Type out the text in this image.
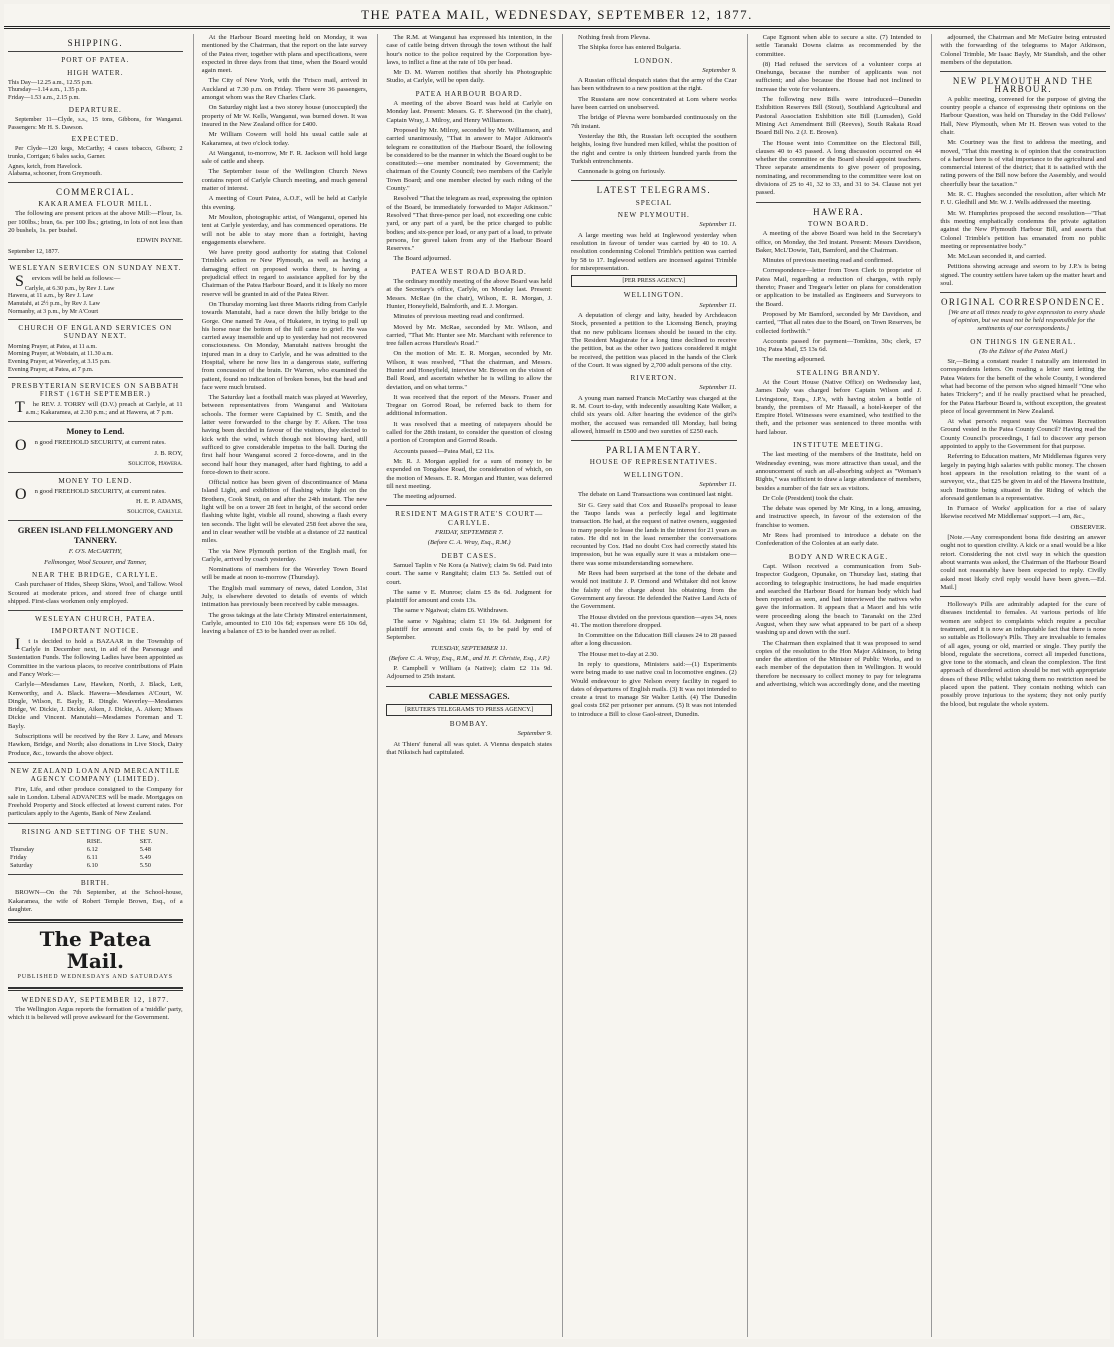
THE PATEA MAIL, WEDNESDAY, SEPTEMBER 12, 1877.
SHIPPING.
PORT OF PATEA.
HIGH WATER.
This Day—12.25 a.m., 12.55 p.m.
Thursday—1.14 a.m., 1.35 p.m.
Friday—1.53 a.m., 2.15 p.m.
DEPARTURE.

September 11—Clyde, s.s., 15 tons, Gibbons, for Wanganui. Passengers: Mr H. S. Dawson.

EXPECTED.

Per Clyde—120 kegs, McCarthy; 4 cases tobacco, Gibson; 2 trunks, Corrigan; 6 bales sacks, Garner.

Agnes, ketch, from Havelock.
Alabama, schooner, from Greymouth.
COMMERCIAL.
KAKARAMEA FLOUR MILL.

The following are present prices at the above Mill:—Flour, 1s. per 100lbs.; bran, 6s. per 100 lbs.; gristing, in lots of not less than 20 bushels, 1s. per bushel.

EDWIN PAYNE.
September 12, 1877.
WESLEYAN SERVICES ON SUNDAY NEXT.

Services will be held as follows:—

Carlyle, at 6.30 p.m., by Rev J. Law
Hawera, at 11 a.m., by Rev J. Law
Manutahi, at 2½ p.m., by Rev J. Law
Normanby, at 3 p.m., by Mr A'Court
CHURCH OF ENGLAND SERVICES ON SUNDAY NEXT.
Morning Prayer, at Patea, at 11 a.m.
Morning Prayer, at Wotstain, at 11.30 a.m.
Evening Prayer, at Waverley, at 3.15 p.m.
Evening Prayer, at Patea, at 7 p.m.
PRESBYTERIAN SERVICES ON SABBATH FIRST (16TH SEPTEMBER.)

The REV. J. TORRY will (D.V.) preach at Carlyle, at 11 a.m.; Kakaramea, at 2.30 p.m.; and at Hawera, at 7 p.m.

Money to Lend.

On good FREEHOLD SECURITY, at current rates.

J. B. ROY,
Solicitor, Hawera.
MONEY TO LEND.

On good FREEHOLD SECURITY, at current rates.

H. E. P. ADAMS,
Solicitor, Carlyle.
GREEN ISLAND FELLMONGERY AND TANNERY.
F. O'S. McCARTHY,
Fellmonger, Wool Scourer, and Tanner,
NEAR THE BRIDGE, CARLYLE.

Cash purchaser of Hides, Sheep Skins, Wool, and Tallow. Wool Scoured at moderate prices, and stored free of charge until shipped. First-class workmen only employed.

WESLEYAN CHURCH, PATEA.
IMPORTANT NOTICE.

It is decided to hold a BAZAAR in the Township of Carlyle in December next, in aid of the Parsonage and Sustentation Funds. The following Ladies have been appointed as Committee in the various places, to receive contributions of Plain and Fancy Work:—

Carlyle—Mesdames Law, Hawken, North, J. Black, Lett, Kenworthy, and A. Black. Hawera—Mesdames A'Court, W. Dingle, Wilson, E. Bayly, R. Dingle. Waverley—Mesdames Bridge, W. Dickie, J. Dickie, Aiken, J. Dickie, A. Aiken; Misses Dickie and Vincent. Manutahi—Mesdames Foreman and T. Bayly.

Subscriptions will be received by the Rev J. Law, and Messrs Hawken, Bridge, and North; also donations in Live Stock, Dairy Produce, &c., towards the above object.

NEW ZEALAND LOAN AND MERCANTILE AGENCY COMPANY (LIMITED).

Fire, Life, and other produce consigned to the Company for sale in London. Liberal ADVANCES will be made. Mortgages on Freehold Property and Stock effected at lowest current rates. For particulars apply to the Agents, Bank of New Zealand.

RISING AND SETTING OF THE SUN.
	RISE.	SET.
Thursday	6.12	5.48
Friday	6.11	5.49
Saturday	6.10	5.50
BIRTH.

BROWN—On the 7th September, at the School-house, Kakaramea, the wife of Robert Temple Brown, Esq., of a daughter.

The Patea Mail.
PUBLISHED WEDNESDAYS AND SATURDAYS
WEDNESDAY, SEPTEMBER 12, 1877.

The Wellington Argus reports the formation of a 'middle' party, which it is believed will prove awkward for the Government.

At the Harbour Board meeting held on Monday, it was mentioned by the Chairman, that the report on the late survey of the Patea river, together with plans and specifications, were expected in three days from that time, when the Board would again meet.

The City of New York, with the 'Frisco mail, arrived in Auckland at 7.30 p.m. on Friday. There were 36 passengers, amongst whom was the Rev Charles Clark.

On Saturday night last a two storey house (unoccupied) the property of Mr W. Kells, Wanganui, was burned down. It was insured in the New Zealand office for £400.

Mr William Cowern will hold his usual cattle sale at Kakaramea, at two o'clock today.

At Wanganui, to-morrow, Mr F. R. Jackson will hold large sale of cattle and sheep.

The September issue of the Wellington Church News contains report of Carlyle Church meeting, and much general matter of interest.

A meeting of Court Patea, A.O.F., will be held at Carlyle this evening.

Mr Moulton, photographic artist, of Wanganui, opened his tent at Carlyle yesterday, and has commenced operations. He will not be able to stay more than a fortnight, having engagements elsewhere.

We have pretty good authority for stating that Colonel Trimble's action re New Plymouth, as well as having a damaging effect on proposed works there, is having a prejudicial effect in regard to assistance applied for by the Chairman of the Patea Harbour Board, and it is likely no more reserve will be granted in aid of the Patea River.

On Thursday morning last three Maoris riding from Carlyle towards Manutahi, had a race down the hilly bridge to the Gorge. One named Te Awa, of Hukatere, in trying to pull up his horse near the bottom of the hill came to grief. He was carried away insensible and up to yesterday had not recovered consciousness. On Monday, Manutahi natives brought the injured man in a dray to Carlyle, and he was admitted to the Hospital, where he now lies in a dangerous state, suffering from concussion of the brain. Dr Warren, who examined the patient, found no indication of broken bones, but the head and face were much bruised.

The Saturday last a football match was played at Waverley, between representatives from Wanganui and Waitotara schools. The former were Captained by C. Smith, and the latter were forwarded to the charge by F. Aiken. The toss having been decided in favour of the visitors, they elected to kick with the wind, which though not blowing hard, still sufficed to give considerable impetus to the ball. During the first half hour Wanganui scored 2 force-downs, and in the second half hour they managed, after hard fighting, to add a force-down to their score.

Official notice has been given of discontinuance of Mana Island Light, and exhibition of flashing white light on the Brothers, Cook Strait, on and after the 24th instant. The new light will be on a tower 28 feet in height, of the second order flashing white light, visible all round, showing a flash every ten seconds. The light will be elevated 258 feet above the sea, and in clear weather will be visible at a distance of 22 nautical miles.

The via New Plymouth portion of the English mail, for Carlyle, arrived by coach yesterday.

Nominations of members for the Waverley Town Board will be made at noon to-morrow (Thursday).

The English mail summary of news, dated London, 31st July, is elsewhere devoted to details of events of which intimation has previously been received by cable messages.

The gross takings at the late Christy Minstrel entertainment, Carlyle, amounted to £10 10s 6d; expenses were £6 10s 6d, leaving a balance of £3 to be handed over as relief.

The R.M. at Wanganui has expressed his intention, in the case of cattle being driven through the town without the half hour's notice to the police required by the Corporation bye-laws, to inflict a fine at the rate of 10s per head.

Mr D. M. Warren notifies that shortly his Photographic Studio, at Carlyle, will be open daily.

PATEA HARBOUR BOARD.

A meeting of the above Board was held at Carlyle on Monday last. Present: Messrs. G. F. Sherwood (in the chair), Captain Wray, J. Milroy, and Henry Williamson.

Proposed by Mr. Milroy, seconded by Mr. Williamson, and carried unanimously, "That in answer to Major Atkinson's telegram re constitution of the Harbour Board, the following be considered to be the manner in which the Board ought to be constituted:—one member nominated by Government; the chairman of the County Council; two members of the Carlyle Town Board; and one member elected by each riding of the County."

Resolved "That the telegram as read, expressing the opinion of the Board, be immediately forwarded to Major Atkinson." Resolved "That three-pence per load, not exceeding one cubic yard, or any part of a yard, be the price charged to public bodies; and six-pence per load, or any part of a load, to private persons, for gravel taken from any of the Harbour Board Reserves."

The Board adjourned.

PATEA WEST ROAD BOARD.

The ordinary monthly meeting of the above Board was held at the Secretary's office, Carlyle, on Monday last. Present: Messrs. McRae (in the chair), Wilson, E. R. Morgan, J. Hunter, Honeyfield, Balmforth, and E. J. Morgan.

Minutes of previous meeting read and confirmed.

Moved by Mr. McRae, seconded by Mr. Wilson, and carried, "That Mr. Hunter see Mr. Marchant with reference to tree fallen across Hurstlea's Road."

On the motion of Mr. E. R. Morgan, seconded by Mr. Wilson, it was resolved, "That the chairman, and Messrs. Hunter and Honeyfield, interview Mr. Brown on the vision of Ball Road, and ascertain whether he is willing to allow the deviation, and on what terms."

It was received that the report of the Messrs. Fraser and Tregear on Gorrod Road, be referred back to them for additional information.

It was resolved that a meeting of ratepayers should be called for the 28th instant, to consider the question of closing a portion of Crompton and Gorrod Roads.

Accounts passed—Patea Mail, £2 11s.

Mr. R. J. Morgan applied for a sum of money to be expended on Tongahoe Road, the consideration of which, on the motion of Messrs. E. R. Morgan and Hunter, was deferred till next meeting.

The meeting adjourned.

RESIDENT MAGISTRATE'S COURT—CARLYLE.
FRIDAY, SEPTEMBER 7.
(Before C. A. Wray, Esq., R.M.)
DEBT CASES.

Samuel Taplin v Ne Kora (a Native); claim 9s 6d. Paid into court. The same v Rangitahi; claim £13 5s. Settled out of court.

The same v E. Munroe; claim £5 8s 6d. Judgment for plaintiff for amount and costs 13s.

The same v Ngaiwai; claim £6. Withdrawn.

The same v Ngahina; claim £1 19s 6d. Judgment for plaintiff for amount and costs 6s, to be paid by end of September.

TUESDAY, SEPTEMBER 11.
(Before C. A. Wray, Esq., R.M., and H. F. Christie, Esq., J.P.)

P. Campbell v William (a Native); claim £2 11s 9d. Adjourned to 25th instant.

CABLE MESSAGES.
[REUTER'S TELEGRAMS TO PRESS AGENCY.]
BOMBAY.
September 9.

At Thiers' funeral all was quiet. A Vienna despatch states that Niksisch had capitulated.

Nothing fresh from Plevna.

The Shipka force has entered Bulgaria.

LONDON.
September 9.

A Russian official despatch states that the army of the Czar has been withdrawn to a new position at the right.

The Russians are now concentrated at Lom where works have been carried on unobserved.

The bridge of Plevna were bombarded continuously on the 7th instant.

Yesterday the 8th, the Russian left occupied the southern heights, losing five hundred men killed, whilst the position of the right and centre is only thirteen hundred yards from the Turkish entrenchments.

Cannonade is going on furiously.

LATEST TELEGRAMS.
SPECIAL
NEW PLYMOUTH.
September 11.

A large meeting was held at Inglewood yesterday when resolution in favour of tender was carried by 40 to 10. A resolution condemning Colonel Trimble's petition was carried by 58 to 17. Inglewood settlers are incensed against Trimble for misrepresentation.

[PER PRESS AGENCY.]
WELLINGTON.
September 11.

A deputation of clergy and laity, headed by Archdeacon Stock, presented a petition to the Licensing Bench, praying that no new publicans licenses should be issued in the city. The Resident Magistrate for a long time declined to receive the petition, but as the other two justices considered it might be received, the petition was placed in the hands of the Clerk of the Court. It was signed by 2,700 adult persons of the city.

RIVERTON.
September 11.

A young man named Francis McCarthy was charged at the R. M. Court to-day, with indecently assaulting Kate Walker, a child six years old. After hearing the evidence of the girl's mother, the accused was remanded till Monday, bail being allowed, himself in £500 and two sureties of £250 each.

PARLIAMENTARY.
HOUSE OF REPRESENTATIVES.
WELLINGTON.
September 11.

The debate on Land Transactions was continued last night.

Sir G. Grey said that Cox and Russell's proposal to lease the Taupo lands was a perfectly legal and legitimate transaction. He had, at the request of native owners, suggested to many people to lease the lands in the interest for 21 years as rates. He did not in the least remember the conversations recounted by Cox. Had no doubt Cox had correctly stated his impression, but he was equally sure it was a mistaken one—there was some misunderstanding somewhere.

Mr Rees had been surprised at the tone of the debate and would not institute J. P. Ormond and Whitaker did not know the falsity of the charge about his obtaining from the Government any favour. He defended the Native Land Acts of the Government.

The House divided on the previous question—ayes 34, noes 41. The motion therefore dropped.

In Committee on the Education Bill clauses 24 to 28 passed after a long discussion.

The House met to-day at 2.30.

In reply to questions, Ministers said:—(1) Experiments were being made to use native coal in locomotive engines. (2) Would endeavour to give Nelson every facility in regard to dates of departures of English mails. (3) It was not intended to create a trust to manage Sir Walter Leith. (4) The Dunedin goal costs £62 per prisoner per annum. (5) It was not intended to introduce a Bill to close Gaol-street, Dunedin.

Cape Egmont when able to secure a site. (7) Intended to settle Taranaki Downs claims as recommended by the committee.

(8) Had refused the services of a volunteer corps at Onehunga, because the number of applicants was not sufficient; and also because the House had not inclined to increase the vote for volunteers.

The following new Bills were introduced—Dunedin Exhibition Reserves Bill (Stout), Southland Agricultural and Pastoral Association Exhibition site Bill (Lumsden), Gold Mining Act Amendment Bill (Reeves), South Rakaia Road Board Bill No. 2 (J. E. Brown).

The House went into Committee on the Electoral Bill, clauses 40 to 43 passed. A long discussion occurred on 44 whether the committee or the Board should appoint teachers. Three separate amendments to give power of proposing, nominating, and recommending to the committee were lost on divisions of 25 to 41, 32 to 33, and 31 to 34. Clause not yet passed.

HAWERA.
TOWN BOARD.

A meeting of the above Board was held in the Secretary's office, on Monday, the 3rd instant. Present: Messrs Davidson, Baker, McL'Dowie, Tait, Bamford, and the Chairman.

Minutes of previous meeting read and confirmed.

Correspondence—letter from Town Clerk to proprietor of Patea Mail, regarding a reduction of charges, with reply thereto; Fraser and Tregear's letter on plans for consideration or application to be installed as Engineers and Surveyors to the Board.

Proposed by Mr Bamford, seconded by Mr Davidson, and carried, "That all rates due to the Board, on Town Reserves, be collected forthwith."

Accounts passed for payment—Tomkins, 30s; clerk, £7 10s; Patea Mail, £5 13s 6d.

The meeting adjourned.

STEALING BRANDY.

At the Court House (Native Office) on Wednesday last, James Daly was charged before Captain Wilson and J. Livingstone, Esqs., J.P.'s, with having stolen a bottle of brandy, the premises of Mr Hassall, a hotel-keeper of the Empire Hotel. Witnesses were examined, who testified to the theft, and the prisoner was sentenced to three months with hard labour.

INSTITUTE MEETING.

The last meeting of the members of the Institute, held on Wednesday evening, was more attractive than usual, and the announcement of such an all-absorbing subject as "Woman's Rights," was sufficient to draw a large attendance of members, besides a number of the fair sex as visitors.

Dr Cole (President) took the chair.

The debate was opened by Mr King, in a long, amusing, and instructive speech, in favour of the extension of the franchise to women.

Mr Rees had promised to introduce a debate on the Confederation of the Colonies at an early date.

BODY AND WRECKAGE.

Capt. Wilson received a communication from Sub-Inspector Gudgeon, Opunake, on Thursday last, stating that according to telegraphic instructions, he had made enquiries and searched the Harbour Board for human body which had been reported as seen, and had interviewed the natives who gave the information. It appears that a Maori and his wife were proceeding along the beach to Taranaki on the 23rd August, when they saw what appeared to be part of a sheep washing up and down with the surf.

The Chairman then explained that it was proposed to send copies of the resolution to the Hon Major Atkinson, to bring under the attention of the Minister of Public Works, and to each member of the deputation then in Wellington. It would therefore be necessary to collect money to pay for telegrams and advertising, which was accordingly done, and the meeting

adjourned, the Chairman and Mr McGuire being entrusted with the forwarding of the telegrams to Major Atkinson, Colonel Trimble, Mr Isaac Bayly, Mr Standish, and the other members of the deputation.

NEW PLYMOUTH AND THE HARBOUR.

A public meeting, convened for the purpose of giving the country people a chance of expressing their opinions on the Harbour Question, was held on Thursday in the Odd Fellows' Hall, New Plymouth, when Mr H. Brown was voted to the chair.

Mr. Courtney was the first to address the meeting, and moved, "That this meeting is of opinion that the construction of a harbour here is of vital importance to the agricultural and commercial interest of the district; that it is satisfied with the rating powers of the Bill now before the Assembly, and would cheerfully bear the taxation."

Mr. R. C. Hughes seconded the resolution, after which Mr F. U. Gledhill and Mr. W. J. Wells addressed the meeting.

Mr. W. Humphries proposed the second resolution—"That this meeting emphatically condemns the private agitation against the New Plymouth Harbour Bill, and asserts that Colonel Trimble's petition has emanated from no public meeting or representative body."

Mr. McLean seconded it, and carried.

Petitions showing acreage and sworn to by J.P.'s is being signed. The country settlers have taken up the matter heart and soul.

ORIGINAL CORRESPONDENCE.

[We are at all times ready to give expression to every shade of opinion, but we must not be held responsible for the sentiments of our correspondents.]

ON THINGS IN GENERAL.
(To the Editor of the Patea Mail.)

Sir,—Being a constant reader I naturally am interested in correspondents letters. On reading a letter sent letting the Patea Waters for the benefit of the whole County, I wondered what had become of the person who signed himself "One who hates Trickery"; and if he really practised what he preached, for the Patea Harbour Board is, without exception, the greatest piece of local government in New Zealand.

At what person's request was the Waimea Recreation Ground vested in the Patea County Council? Having read the County Council's proceedings, I fail to discover any person appointed to apply to the Government for that purpose.

Referring to Education matters, Mr Middlemas figures very largely in paying high salaries with public money. The chosen host appears in the resolution relating to the want of a surveyor, viz., that £25 be given in aid of the Hawera Institute, such Institute being situated in the Riding of which the aforesaid gentleman is a representative.

In Furnace of Works' application for a rise of salary likewise received Mr Middlemas' support.—I am, &c.,

OBSERVER.

[Note.—Any correspondent bona fide desiring an answer ought not to question civility. A kick or a snail would be a like retort. Considering the not civil way in which the question about warrants was asked, the Chairman of the Harbour Board could not reasonably have been expected to reply. Civilly asked most likely civil reply would have been given.—Ed. Mail.]

Holloway's Pills are admirably adapted for the cure of diseases incidental to females. At various periods of life women are subject to complaints which require a peculiar treatment, and it is now an indisputable fact that there is none so suitable as Holloway's Pills. They are invaluable to females of all ages, young or old, married or single. They purify the blood, regulate the secretions, correct all impeded functions, give tone to the stomach, and clean the complexion. The first approach of disordered action should be met with appropriate doses of these Pills; whilst taking them no restriction need be placed upon the patient. They contain nothing which can possibly prove injurious to the system; they not only purify the blood, but regulate the whole system.
